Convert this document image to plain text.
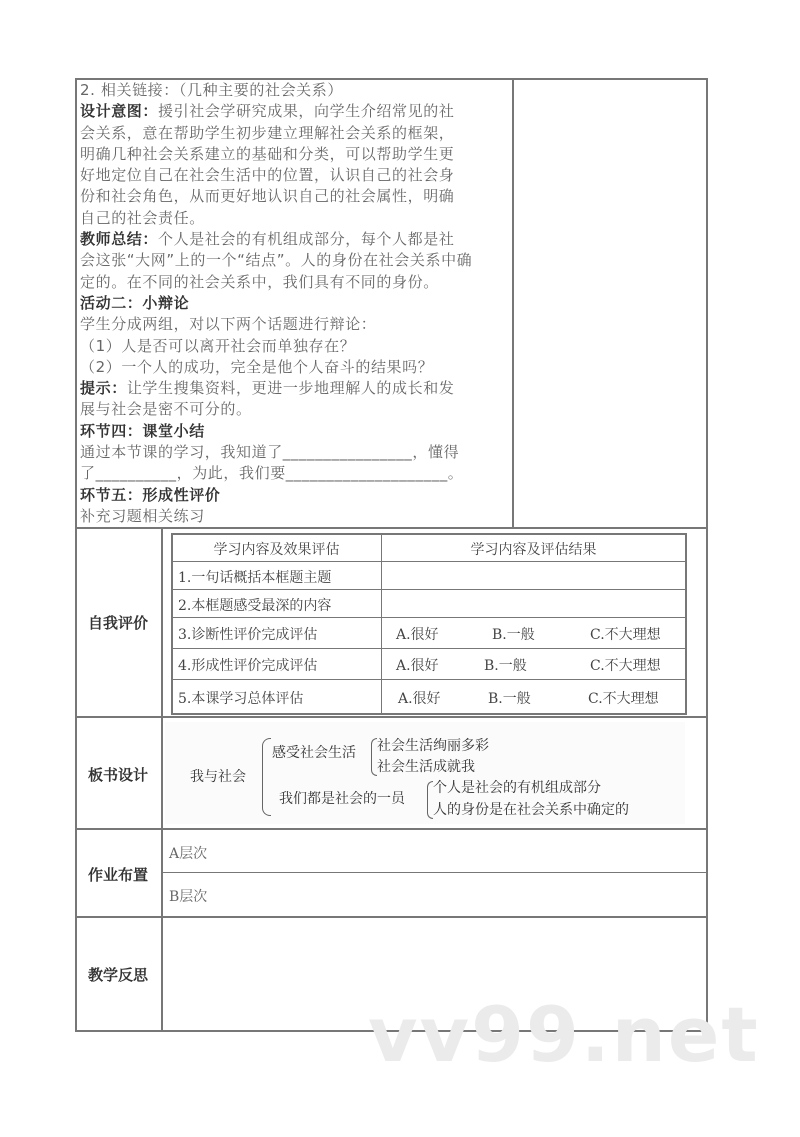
2. 相关链接：（几种主要的社会关系）
设计意图：援引社会学研究成果，向学生介绍常见的社
会关系，意在帮助学生初步建立理解社会关系的框架，
明确几种社会关系建立的基础和分类，可以帮助学生更
好地定位自己在社会生活中的位置，认识自己的社会身
份和社会角色，从而更好地认识自己的社会属性，明确
自己的社会责任。
教师总结：个人是社会的有机组成部分，每个人都是社
会这张“大网”上的一个“结点”。人的身份在社会关系中确
定的。在不同的社会关系中，我们具有不同的身份。
活动二：小辩论
学生分成两组，对以下两个话题进行辩论：
（1）人是否可以离开社会而单独存在？
（2）一个人的成功，完全是他个人奋斗的结果吗？
提示：让学生搜集资料，更进一步地理解人的成长和发
展与社会是密不可分的。
环节四：课堂小结
通过本节课的学习，我知道了________________，懂得
了__________，为此，我们要____________________。
环节五：形成性评价
补充习题相关练习
自我评价
学习内容及效果评估	学习内容及评估结果
1.一句话概括本框题主题
2.本框题感受最深的内容
3.诊断性评价完成评估	A.很好	B.一般	C.不大理想
4.形成性评价完成评估	A.很好	B.一般	C.不大理想
5.本课学习总体评估	A.很好	B.一般	C.不大理想
板书设计	我与社会
感受社会生活 社会生活绚丽多彩
社会生活成就我
我们都是社会的一员
个人是社会的有机组成部分
人的身份是在社会关系中确定的
作业布置
A层次
B层次
教学反思
vv99.net
